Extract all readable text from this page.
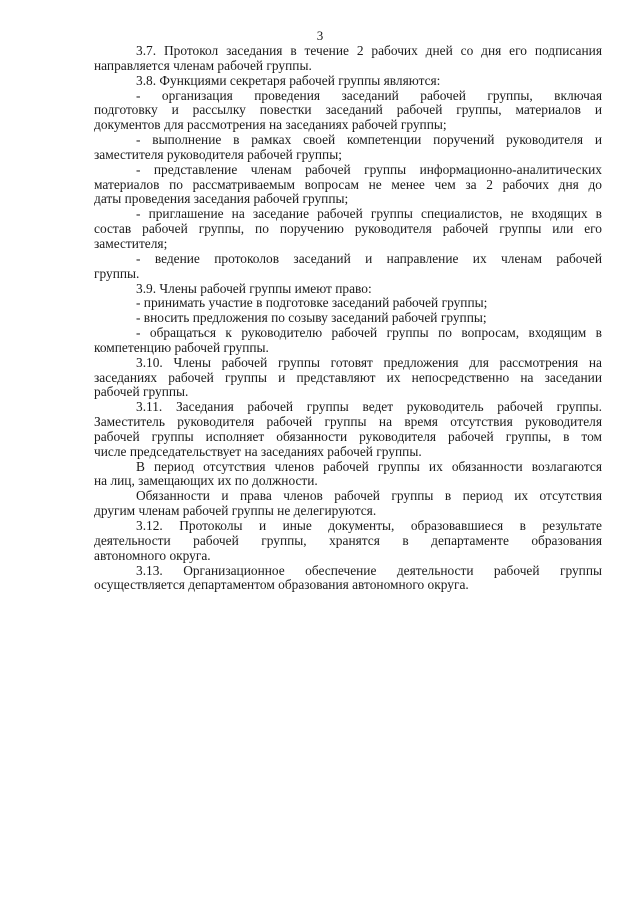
3
3.7. Протокол заседания в течение 2 рабочих дней со дня его подписания
направляется членам рабочей группы.
3.8. Функциями секретаря рабочей группы являются:
- организация проведения заседаний рабочей группы, включая
подготовку и рассылку повестки заседаний рабочей группы, материалов и
документов для рассмотрения на заседаниях рабочей группы;
- выполнение в рамках своей компетенции поручений руководителя и
заместителя руководителя рабочей группы;
- представление членам рабочей группы информационно-аналитических
материалов по рассматриваемым вопросам не менее чем за 2 рабочих дня до
даты проведения заседания рабочей группы;
- приглашение на заседание рабочей группы специалистов, не входящих в
состав рабочей группы, по поручению руководителя рабочей группы или его
заместителя;
- ведение протоколов заседаний и направление их членам рабочей
группы.
3.9. Члены рабочей группы имеют право:
- принимать участие в подготовке заседаний рабочей группы;
- вносить предложения по созыву заседаний рабочей группы;
- обращаться к руководителю рабочей группы по вопросам, входящим в
компетенцию рабочей группы.
3.10. Члены рабочей группы готовят предложения для рассмотрения на
заседаниях рабочей группы и представляют их непосредственно на заседании
рабочей группы.
3.11. Заседания рабочей группы ведет руководитель рабочей группы.
Заместитель руководителя рабочей группы на время отсутствия руководителя
рабочей группы исполняет обязанности руководителя рабочей группы, в том
числе председательствует на заседаниях рабочей группы.
В период отсутствия членов рабочей группы их обязанности возлагаются
на лиц, замещающих их по должности.
Обязанности и права членов рабочей группы в период их отсутствия
другим членам рабочей группы не делегируются.
3.12. Протоколы и иные документы, образовавшиеся в результате
деятельности рабочей группы, хранятся в департаменте образования
автономного округа.
3.13. Организационное обеспечение деятельности рабочей группы
осуществляется департаментом образования автономного округа.
